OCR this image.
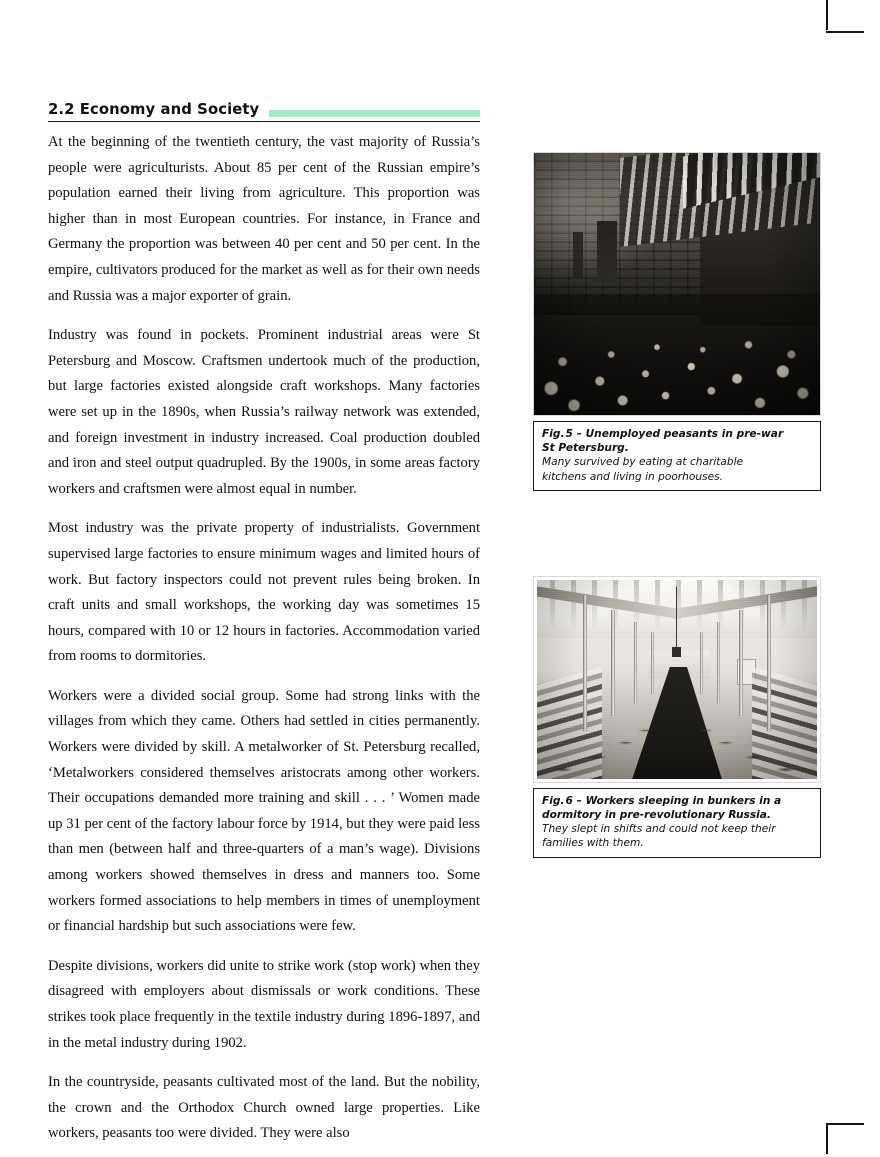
2.2 Economy and Society

At the beginning of the twentieth century, the vast majority of Russia’s people were agriculturists. About 85 per cent of the Russian empire’s population earned their living from agriculture. This proportion was higher than in most European countries. For instance, in France and Germany the proportion was between 40 per cent and 50 per cent. In the empire, cultivators produced for the market as well as for their own needs and Russia was a major exporter of grain.

Industry was found in pockets. Prominent industrial areas were St Petersburg and Moscow. Craftsmen undertook much of the production, but large factories existed alongside craft workshops. Many factories were set up in the 1890s, when Russia’s railway network was extended, and foreign investment in industry increased. Coal production doubled and iron and steel output quadrupled. By the 1900s, in some areas factory workers and craftsmen were almost equal in number.

Most industry was the private property of industrialists. Government supervised large factories to ensure minimum wages and limited hours of work. But factory inspectors could not prevent rules being broken. In craft units and small workshops, the working day was sometimes 15 hours, compared with 10 or 12 hours in factories. Accommodation varied from rooms to dormitories.

Workers were a divided social group. Some had strong links with the villages from which they came. Others had settled in cities permanently. Workers were divided by skill. A metalworker of St. Petersburg recalled, ‘Metalworkers considered themselves aristocrats among other workers. Their occupations demanded more training and skill . . . ’ Women made up 31 per cent of the factory labour force by 1914, but they were paid less than men (between half and three-quarters of a man’s wage). Divisions among workers showed themselves in dress and manners too. Some workers formed associations to help members in times of unemployment or financial hardship but such associations were few.

Despite divisions, workers did unite to strike work (stop work) when they disagreed with employers about dismissals or work conditions. These strikes took place frequently in the textile industry during 1896-1897, and in the metal industry during 1902.

In the countryside, peasants cultivated most of the land. But the nobility, the crown and the Orthodox Church owned large properties. Like workers, peasants too were divided. They were also

Fig. 5 – Unemployed peasants in pre-war

St Petersburg.

Many survived by eating at charitable

kitchens and living in poorhouses.

Fig. 6 – Workers sleeping in bunkers in a

dormitory in pre-revolutionary Russia.

They slept in shifts and could not keep their

families with them.
